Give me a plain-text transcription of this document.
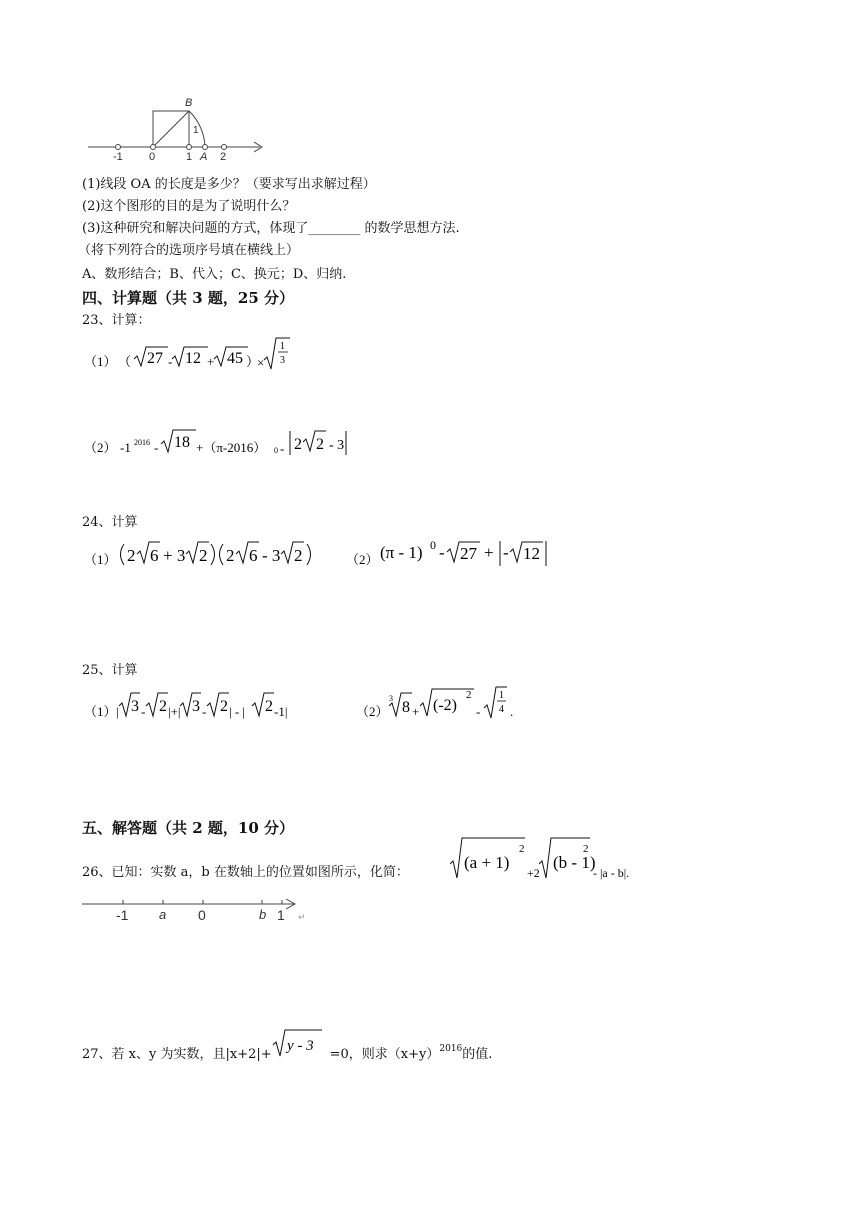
-1 0	1 A 2
B
1
(1)线段 OA 的长度是多少？（要求写出求解过程）
(2)这个图形的目的是为了说明什么？
(3)这种研究和解决问题的方式，体现了________ 的数学思想方法.
（将下列符合的选项序号填在横线上）
A、数形结合；B、代入；C、换元；D、归纳.
四、计算题（共 3 题，25 分）
23、计算：
（1） （ 27 - 12 + 45 ）
×
1
3
（2） -1 2016 - 18 +（π-2016） 0 - 2 2 - 3
24、计算
（1） 2 6 + 3 2 2 6 - 3 2	（2） (π - 1) 0 - 27 + - 12
25、计算
（1） | 3 - 2 |+| 3 - 2 | - | 2 -1|	（2）
3
8 + (-2)
2
-
1
4 .
五、解答题（共 2 题，10 分）
26、已知：实数 a，b 在数轴上的位置如图所示，化简：
(a + 1)
2
+2
(b - 1)
2
- |a - b|.
-1 a 0	b 1 ↵
27、若 x、y 为实数，且|x+2|+
y - 3
=0，则求$(x+y)^{2016}$的值.
